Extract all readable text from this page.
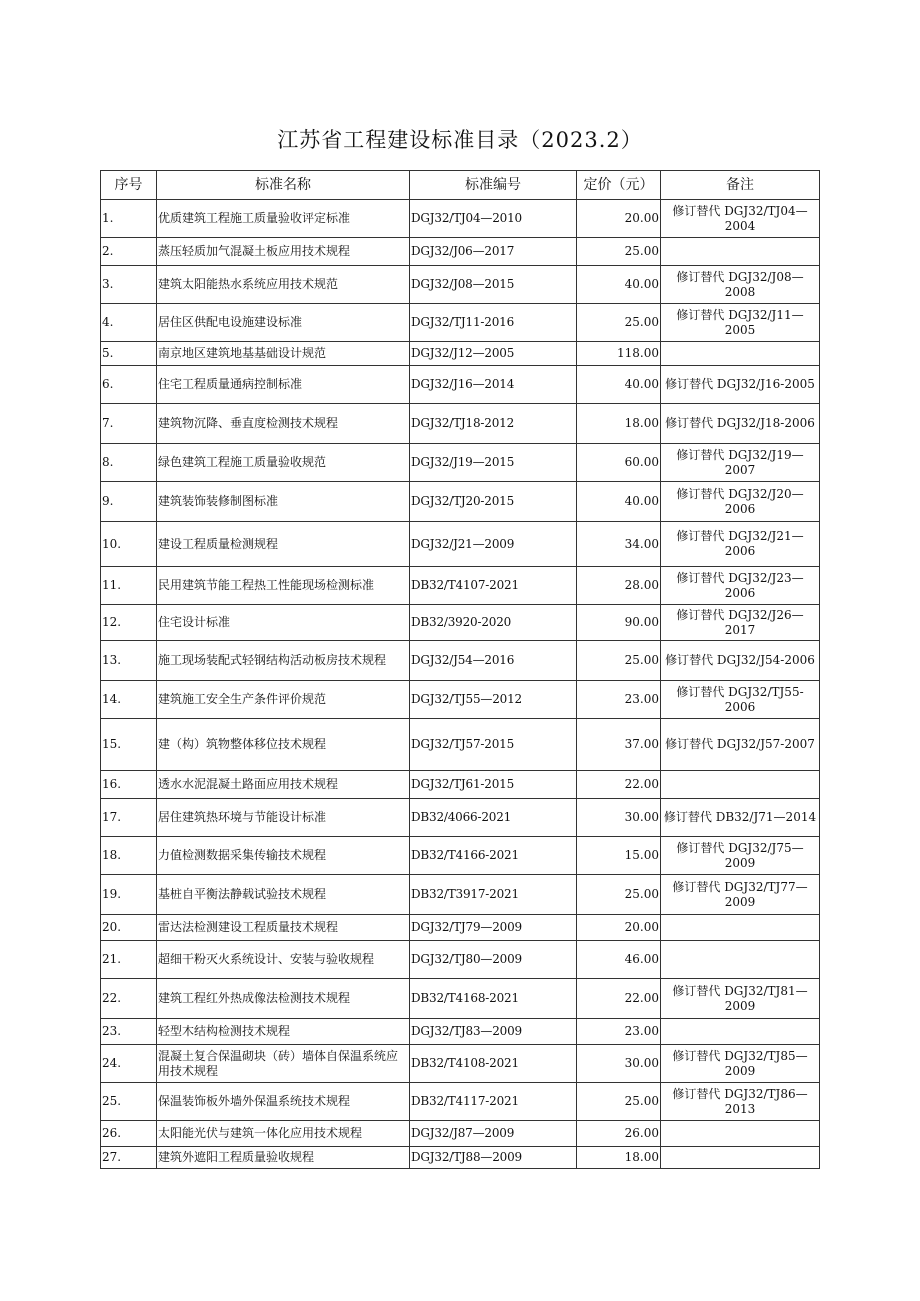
江苏省工程建设标准目录（2023.2）
序号	标准名称	标准编号	定价（元）	备注
1.	优质建筑工程施工质量验收评定标准	DGJ32/TJ04—2010	20.00	修订替代 DGJ32/TJ04—2004
2.	蒸压轻质加气混凝土板应用技术规程	DGJ32/J06—2017	25.00	
3.	建筑太阳能热水系统应用技术规范	DGJ32/J08—2015	40.00	修订替代 DGJ32/J08—2008
4.	居住区供配电设施建设标准	DGJ32/TJ11-2016	25.00	修订替代 DGJ32/J11—2005
5.	南京地区建筑地基基础设计规范	DGJ32/J12—2005	118.00	
6.	住宅工程质量通病控制标准	DGJ32/J16—2014	40.00	修订替代 DGJ32/J16-2005
7.	建筑物沉降、垂直度检测技术规程	DGJ32/TJ18-2012	18.00	修订替代 DGJ32/J18-2006
8.	绿色建筑工程施工质量验收规范	DGJ32/J19—2015	60.00	修订替代 DGJ32/J19—2007
9.	建筑装饰装修制图标准	DGJ32/TJ20-2015	40.00	修订替代 DGJ32/J20—2006
10.	建设工程质量检测规程	DGJ32/J21—2009	34.00	修订替代 DGJ32/J21—2006
11.	民用建筑节能工程热工性能现场检测标准	DB32/T4107-2021	28.00	修订替代 DGJ32/J23—2006
12.	住宅设计标准	DB32/3920-2020	90.00	修订替代 DGJ32/J26—2017
13.	施工现场装配式轻钢结构活动板房技术规程	DGJ32/J54—2016	25.00	修订替代 DGJ32/J54-2006
14.	建筑施工安全生产条件评价规范	DGJ32/TJ55—2012	23.00	修订替代 DGJ32/TJ55-2006
15.	建（构）筑物整体移位技术规程	DGJ32/TJ57-2015	37.00	修订替代 DGJ32/J57-2007
16.	透水水泥混凝土路面应用技术规程	DGJ32/TJ61-2015	22.00	
17.	居住建筑热环境与节能设计标准	DB32/4066-2021	30.00	修订替代 DB32/J71—2014
18.	力值检测数据采集传输技术规程	DB32/T4166-2021	15.00	修订替代 DGJ32/J75—2009
19.	基桩自平衡法静载试验技术规程	DB32/T3917-2021	25.00	修订替代 DGJ32/TJ77—2009
20.	雷达法检测建设工程质量技术规程	DGJ32/TJ79—2009	20.00	
21.	超细干粉灭火系统设计、安装与验收规程	DGJ32/TJ80—2009	46.00	
22.	建筑工程红外热成像法检测技术规程	DB32/T4168-2021	22.00	修订替代 DGJ32/TJ81—2009
23.	轻型木结构检测技术规程	DGJ32/TJ83—2009	23.00	
24.	混凝土复合保温砌块（砖）墙体自保温系统应用技术规程	DB32/T4108-2021	30.00	修订替代 DGJ32/TJ85—2009
25.	保温装饰板外墙外保温系统技术规程	DB32/T4117-2021	25.00	修订替代 DGJ32/TJ86—2013
26.	太阳能光伏与建筑一体化应用技术规程	DGJ32/J87—2009	26.00	
27.	建筑外遮阳工程质量验收规程	DGJ32/TJ88—2009	18.00	
